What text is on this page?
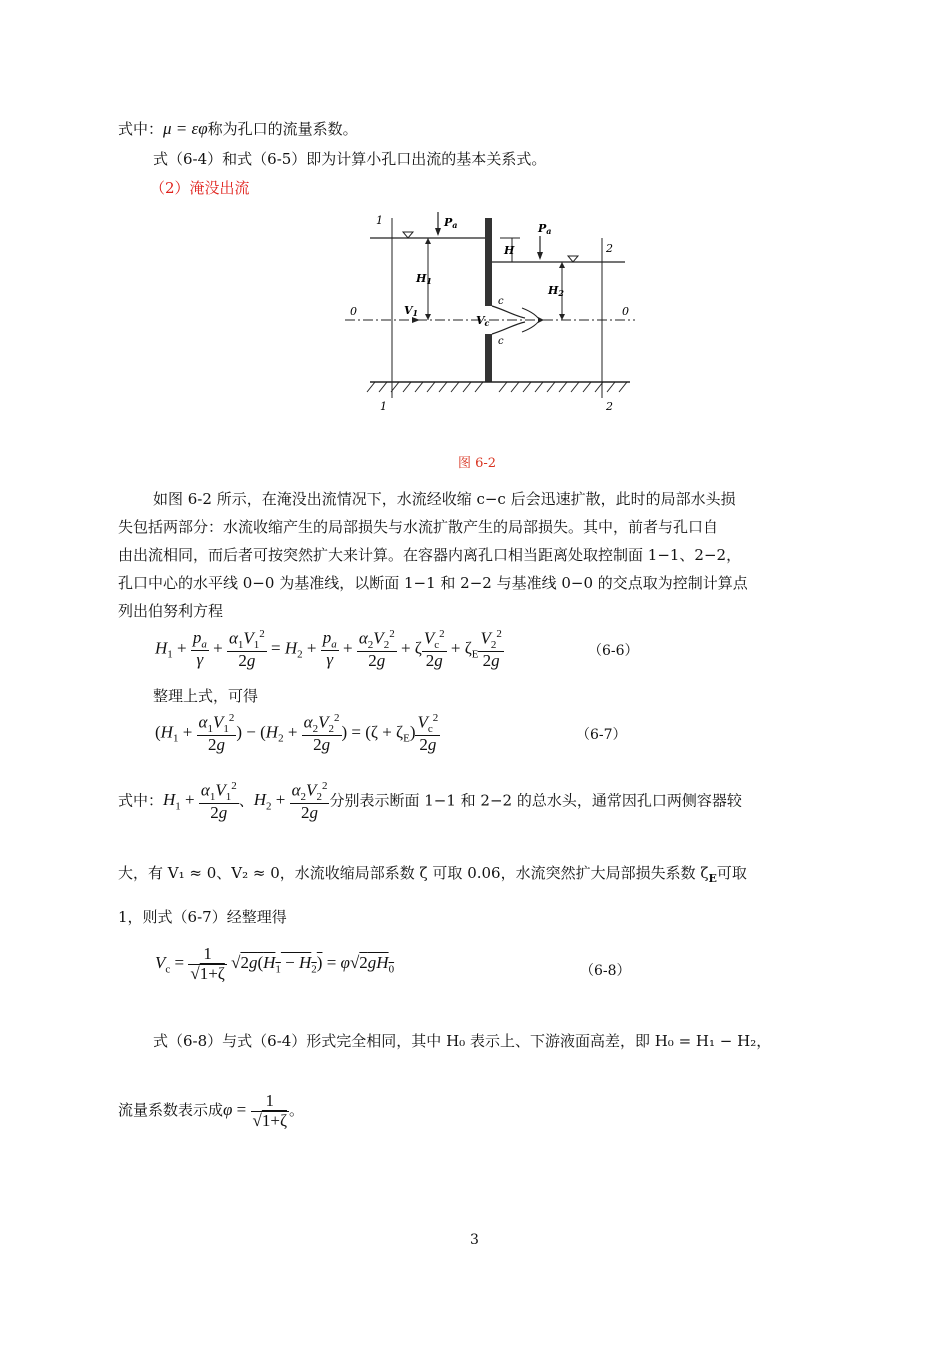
式中：μ = εφ称为孔口的流量系数。
式（6-4）和式（6-5）即为计算小孔口出流的基本关系式。
（2）淹没出流
1
1
2
2
0	0
Pa	Pa
H
H1
H2
V1
Vc
c
c
图 6-2
如图 6-2 所示，在淹没出流情况下，水流经收缩 c−c 后会迅速扩散，此时的局部水头损
失包括两部分：水流收缩产生的局部损失与水流扩散产生的局部损失。其中，前者与孔口自
由出流相同，而后者可按突然扩大来计算。在容器内离孔口相当距离处取控制面 1−1、2−2，
孔口中心的水平线 0−0 为基准线，以断面 1−1 和 2−2 与基准线 0−0 的交点取为控制计算点
列出伯努利方程
$H_1 + \frac{p_a}{\gamma} + \frac{\alpha_1V_1^2}{2g} = H_2 + \frac{p_a}{\gamma} + \frac{\alpha_2V_2^2}{2g} + \zeta \frac{V_c^2}{2g} + \zeta_E \frac{V_2^2}{2g}$	（6-6）
整理上式，可得
($H_1 + \frac{\alpha_1V_1^2}{2g}$ ) − ($H_2 + \frac{\alpha_2V_2^2}{2g}$ ) = $(\zeta + \zeta_E) \frac{V_c^2}{2g}$	（6-7）
式中：$H_1 + \frac{\alpha_1V_1^2}{2g}$ 、$H_2 + \frac{\alpha_2V_2^2}{2g}$ 分别表示断面 1−1 和 2−2 的总水头，通常因孔口两侧容器较
大，有 V₁ ≈ 0、V₂ ≈ 0，水流收缩局部系数 ζ 可取 0.06，水流突然扩大局部损失系数 $\zeta_E$可取
1，则式（6-7）经整理得
$V_c = \frac{1}{√1+\zeta} √2g(H_1 - H_2) = \varphi√2gH_0$	（6-8）
式（6-8）与式（6-4）形式完全相同，其中 H₀ 表示上、下游液面高差，即 H₀ = H₁ − H₂，
流量系数表示成$\varphi = \frac{1}{√1+\zeta}$ 。
3
